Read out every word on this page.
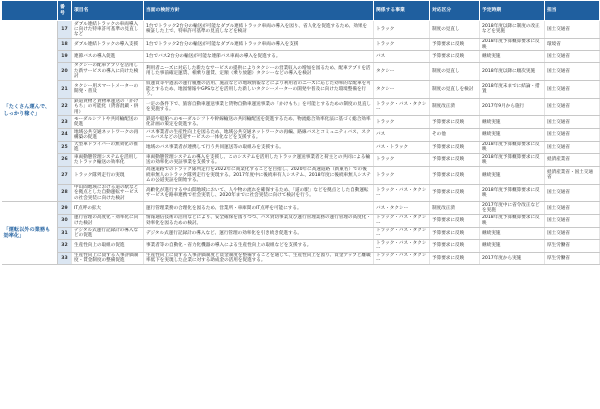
	番号	項目名	当面の検討方針	関係する事業	対応区分	予定時期	担当
「たくさん運んで、しっかり稼ぐ」	17	ダブル連結トラックの車両導入に向けた特車許可基準の見直しなど	1台でトラック2台分の輸送が可能なダブル連結トラック車両の導入を図り、省人化を促進するため、効果を検証した上で、特車許可基準の見直しなどを検討	トラック	制度の見直し	2018年度以降に制度の改正などを実施	国土交通省
	18	ダブル連結トラックの導入支援	1台でトラック2台分の輸送が可能なダブル連結トラック車両の導入を支援	トラック	予算要求に反映	2018年度予算概算要求に反映	環境省
	19	連節バスの導入促進	1台でバス2台分の輸送が可能な連節バス車両の導入を促進する。	バス	予算要求に反映	継続実施	国土交通省
	20	タクシーの配車アプリを活用した新サービスの導入に向けた検討	利用者ニーズに対応した新たなサービスの提供によりタクシーの営業収入の増加を図るため、配車アプリを活用した事前確定運賃、相乗り運賃、定額（乗り放題）タクシーなどの導入を検討	タクシー	制度の見直し	2018年度以降に順次実施	国土交通省
	21	タクシー用スマートメーターの開発・普及	仮運賃等や過去の運行履歴の活用、施設などの地域情報などにより利用者のニーズに応じた効率的な配車を可能とするため、地図情報やGPSなどを活用した新しいタクシーメーターの開発や普及に向けた環境整備を行う。	タクシー	制度の見直しを検討	2018年度末までに結論・措置	国土交通省
	22	鉄道貨物と貨物車運送の「かけもち」の可能化（貨客混載・併用）	一定の条件下で、旅客自動車運送事業と貨物自動車運送事業の「かけもち」を可能とするための制度の見直しを実施する。	トラック・バス・タクシー	制度改正済	2017年9月から施行	国土交通省
	23	モーダルシフトや共同輸配送の促進	鉄道や船舶へのモーダルシフトや幹線輸送の共同輸配送を促進するため、物流総合効率化法に基づく総合効率化計画の策定を促進する。	トラック	予算要求に反映	継続実施	国土交通省
	24	地域公共交通ネットワークの再構築の促進	バス事業者の生産性向上を図るため、地域公共交通ネットワークの再編、路線バスとコミュニティバス、スクールバスなどの送迎サービスの一体化などを支援する。	バス	その他	継続実施	国土交通省
	25	大型車ドライバーの無効化の推進	地域のバス事業者が連携して行う共同運送等の取組みを支援する。	バス・トラック	予算要求に反映	2018年度予算概算要求に反映	国土交通省
	26	車両動態管理システムを活用したトラック輸送の効率化	車両動態管理システムの導入を支援し、このシステムを活用したトラック運送事業者と荷主との共同による輸送の効率化の実証事業を支援する。	トラック	予算要求に反映	2018年度予算概算要求に反映	経済産業省
	27	トラック隊列走行の実現	高速道路でのトラック隊列走行を2022年に商業化することを目指し、2020年に高速道路（新東名）での後続車無人のトラック隊列走行を実現する。2017年度中に後続車有人システム、2018年度に後続車無人システムの公道実証を開始する。	トラック	予算要求に反映	継続実施	経済産業省・国土交通省
	28	中山間地域における道の駅などを拠点とした自動運転サービスの社会実装に向けた検討	高齢化が進行する中山間地域において、人や物の流れを確保するため、「道の駅」などを拠点とした自動運転サービスを路車連携で社会実装し、2020年までに社会実装に向けて検討を行う。	トラック・バス・タクシー	予算要求に反映	2018年度予算概算要求に反映	国土交通省
「運転以外の業務も効率化」	29	IT点呼の拡大	運行管理業務の合理化を図るため、営業所・車庫間のIT点呼を可能にする。	バス・タクシー	制度改正済	2017年度中に省令改正などを実施	国土交通省
	30	運行管理の高度化・効率化に向けた検討	情報通信技術の活用などにより、安全確保を図りつつ、バス貸切事業及び運行管理業務の運行管理の高度化・効率化を図るための検討。	トラック・バス・タクシー	予算要求に反映	2018年度予算概算要求に反映	国土交通省
	31	デジタル式運行記録計の導入などの促進	デジタル式運行記録計の導入など、運行管理の効率化を引き続き促進する。	トラック・バス・タクシー	予算要求に反映	継続実施	国土交通省
	32	生産性向上の取組の促進	事業者等の自動化・省力化機器の導入による生産性向上の取組などを支援する。	トラック・バス・タクシー	予算要求に反映	継続実施	厚生労働省
	33	生産性向上に資する人事評価制度・賃金制度の整備促進	生産性向上に資する人事評価制度と賃金制度を整備することを通じて、生産性向上を図り、賃金アップと離職率低下を実現した企業に対する助成金の活用を促進する。	トラック・バス・タクシー	予算要求に反映	2017年度から実施	厚生労働省
